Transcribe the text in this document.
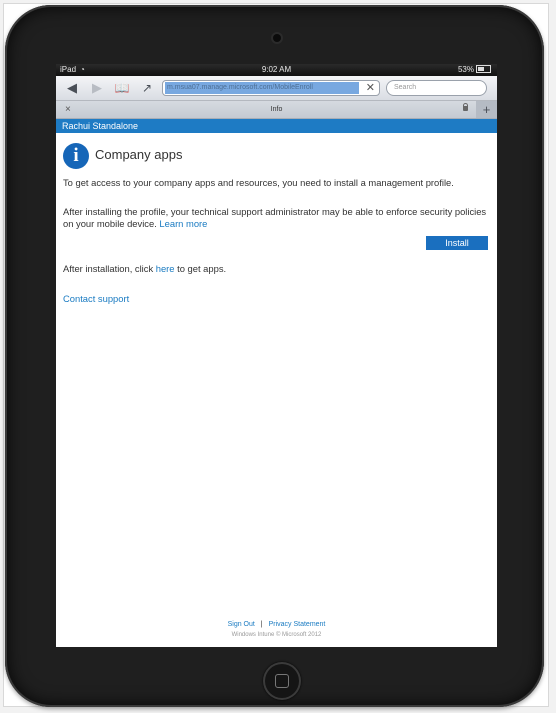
iPad ◔	9:02 AM	53%
◀	▶	📖	↗	m.msua07.manage.microsoft.com/MobileEnroll	✕	Search
×	Info	+
Rachui Standalone
i	Company apps
To get access to your company apps and resources, you need to install a management profile.
After installing the profile, your technical support administrator may be able to enforce security policies on your mobile device. Learn more
Install
After installation, click here to get apps.
Contact support
Sign Out | Privacy Statement
Windows Intune © Microsoft 2012
